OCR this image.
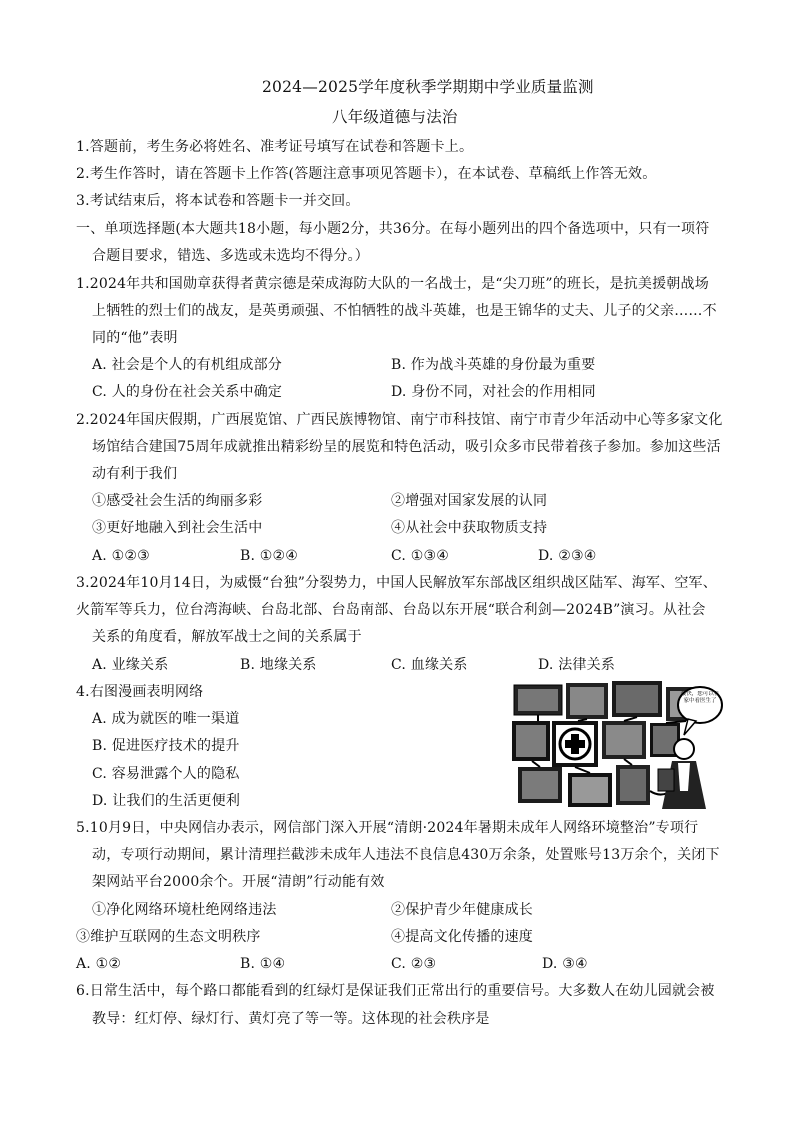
2024—2025学年度秋季学期期中学业质量监测
八年级道德与法治
1.答题前，考生务必将姓名、准考证号填写在试卷和答题卡上。
2.考生作答时，请在答题卡上作答(答题注意事项见答题卡），在本试卷、草稿纸上作答无效。
3.考试结束后，将本试卷和答题卡一并交回。
一、单项选择题(本大题共18小题，每小题2分，共36分。在每小题列出的四个备选项中，只有一项符
合题目要求，错选、多选或未选均不得分。）
1.2024年共和国勋章获得者黄宗德是荣成海防大队的一名战士，是“尖刀班”的班长，是抗美援朝战场
上牺牲的烈士们的战友，是英勇顽强、不怕牺牲的战斗英雄，也是王锦华的丈夫、儿子的父亲……不
同的“他”表明
A. 社会是个人的有机组成部分	B. 作为战斗英雄的身份最为重要
C. 人的身份在社会关系中确定	D. 身份不同，对社会的作用相同
2.2024年国庆假期，广西展览馆、广西民族博物馆、南宁市科技馆、南宁市青少年活动中心等多家文化
场馆结合建国75周年成就推出精彩纷呈的展览和特色活动，吸引众多市民带着孩子参加。参加这些活
动有利于我们
①感受社会生活的绚丽多彩	②增强对国家发展的认同
③更好地融入到社会生活中	④从社会中获取物质支持
A. ①②③	B. ①②④	C. ①③④	D. ②③④
3.2024年10月14日，为威慑“台独”分裂势力，中国人民解放军东部战区组织战区陆军、海军、空军、
火箭军等兵力，位台湾海峡、台岛北部、台岛南部、台岛以东开展“联合利剑—2024B”演习。从社会
关系的角度看，解放军战士之间的关系属于
A. 业缘关系	B. 地缘关系	C. 血缘关系	D. 法律关系
4.右图漫画表明网络
A. 成为就医的唯一渠道
B. 促进医疗技术的提升
C. 容易泄露个人的隐私
D. 让我们的生活更便利
最快，您可以在家中看医生了
5.10月9日，中央网信办表示，网信部门深入开展“清朗·2024年暑期未成年人网络环境整治”专项行
动，专项行动期间，累计清理拦截涉未成年人违法不良信息430万余条，处置账号13万余个，关闭下
架网站平台2000余个。开展“清朗”行动能有效
①净化网络环境杜绝网络违法	②保护青少年健康成长
③维护互联网的生态文明秩序	④提高文化传播的速度
A. ①②	B. ①④	C. ②③	D. ③④
6.日常生活中，每个路口都能看到的红绿灯是保证我们正常出行的重要信号。大多数人在幼儿园就会被
教导：红灯停、绿灯行、黄灯亮了等一等。这体现的社会秩序是
